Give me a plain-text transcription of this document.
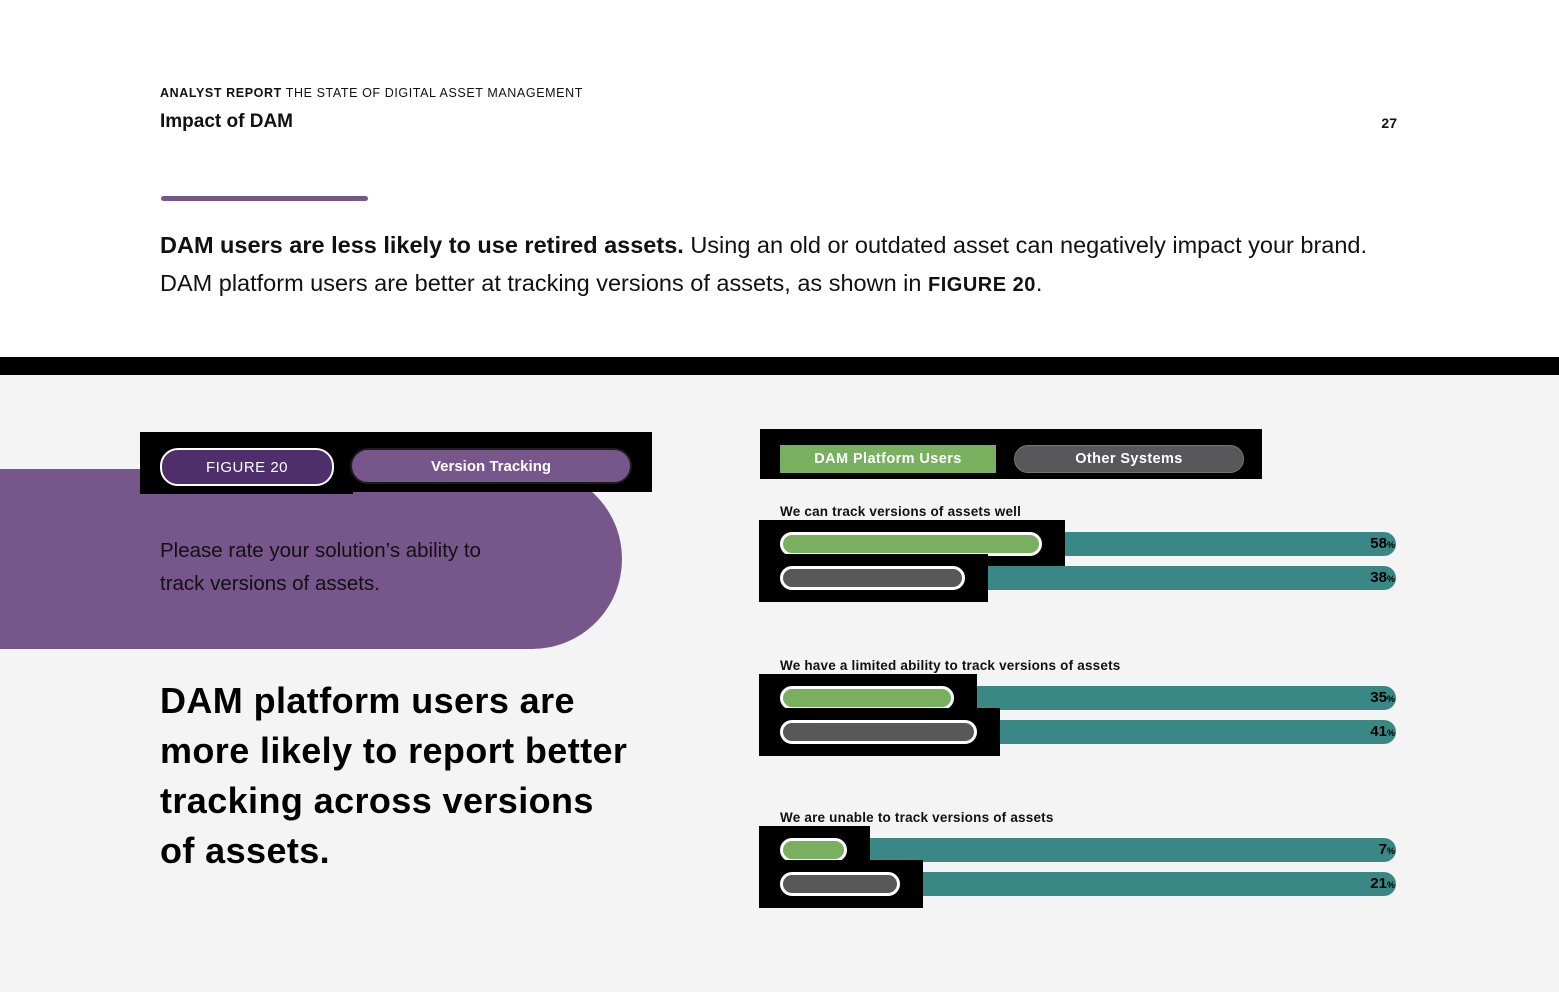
ANALYST REPORT THE STATE OF DIGITAL ASSET MANAGEMENT
Impact of DAM	27

DAM users are less likely to use retired assets. Using an old or outdated asset can negatively impact your brand. DAM platform users are better at tracking versions of assets, as shown in FIGURE 20.

FIGURE 20	Version Tracking
Please rate your solution’s ability to track versions of assets.
DAM platform users are more likely to report better tracking across versions of assets.
DAM Platform Users	Other Systems
We can track versions of assets well
58%
38%
We have a limited ability to track versions of assets
35%
41%
We are unable to track versions of assets
7%
21%
